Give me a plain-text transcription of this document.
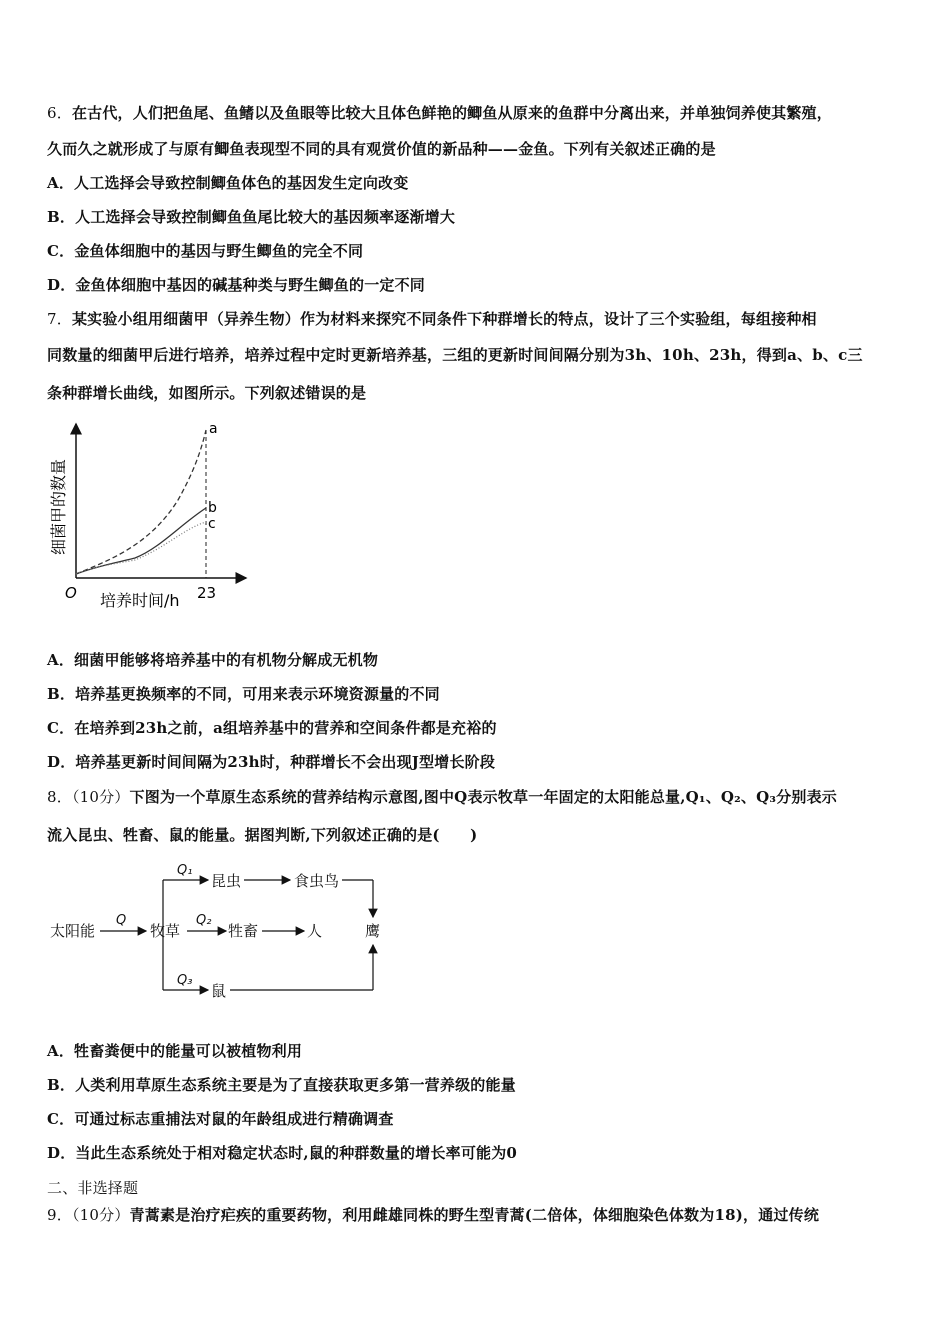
6．在古代，人们把鱼尾、鱼鳍以及鱼眼等比较大且体色鲜艳的鲫鱼从原来的鱼群中分离出来，并单独饲养使其繁殖，
久而久之就形成了与原有鲫鱼表现型不同的具有观赏价值的新品种——金鱼。下列有关叙述正确的是
A．人工选择会导致控制鲫鱼体色的基因发生定向改变
B．人工选择会导致控制鲫鱼鱼尾比较大的基因频率逐渐增大
C．金鱼体细胞中的基因与野生鲫鱼的完全不同
D．金鱼体细胞中基因的碱基种类与野生鲫鱼的一定不同
7．某实验小组用细菌甲（异养生物）作为材料来探究不同条件下种群增长的特点，设计了三个实验组，每组接种相
同数量的细菌甲后进行培养，培养过程中定时更新培养基，三组的更新时间间隔分别为3h、10h、23h，得到a、b、c三
条种群增长曲线，如图所示。下列叙述错误的是
a
b
c
细菌甲的数量
O 培养时间/h 23
太阳能
Q
牧草
Q₁
昆虫	食虫鸟
Q₂
牲畜	人	鹰
Q₃
鼠
A．细菌甲能够将培养基中的有机物分解成无机物
B．培养基更换频率的不同，可用来表示环境资源量的不同
C．在培养到23h之前，a组培养基中的营养和空间条件都是充裕的
D．培养基更新时间间隔为23h时，种群增长不会出现J型增长阶段
8．（10分）下图为一个草原生态系统的营养结构示意图,图中Q表示牧草一年固定的太阳能总量,Q₁、Q₂、Q₃分别表示
流入昆虫、牲畜、鼠的能量。据图判断,下列叙述正确的是(　　)
A．牲畜粪便中的能量可以被植物利用
B．人类利用草原生态系统主要是为了直接获取更多第一营养级的能量
C．可通过标志重捕法对鼠的年龄组成进行精确调查
D．当此生态系统处于相对稳定状态时,鼠的种群数量的增长率可能为0
二、非选择题
9．（10分）青蒿素是治疗疟疾的重要药物，利用雌雄同株的野生型青蒿(二倍体，体细胞染色体数为18)，通过传统
